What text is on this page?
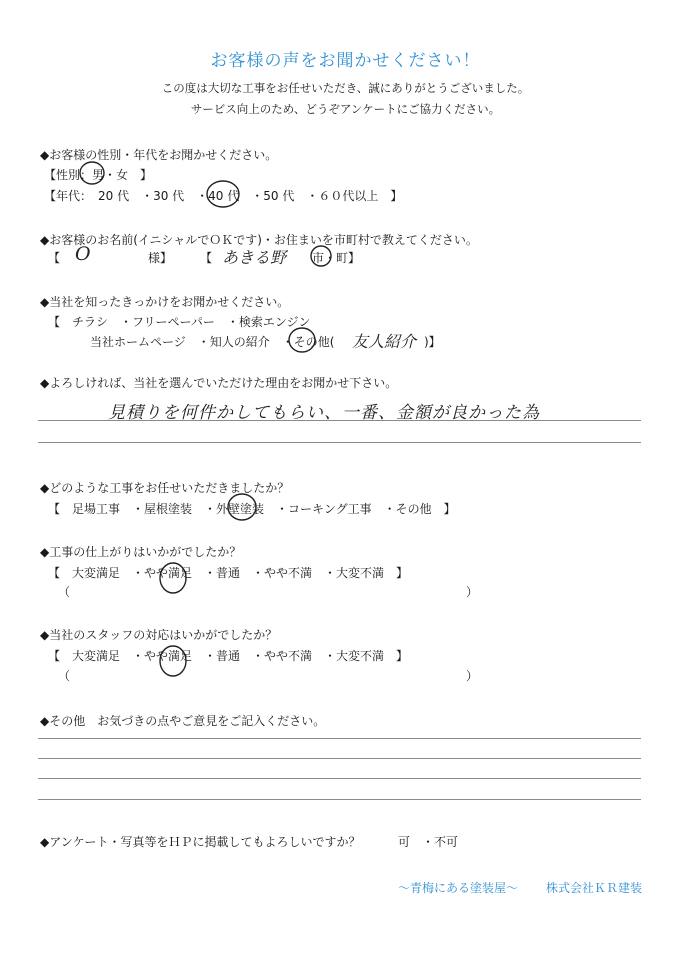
お客様の声をお聞かせください！
この度は大切な工事をお任せいただき、誠にありがとうございました。
サービス向上のため、どうぞアンケートにご協力ください。
◆お客様の性別・年代をお聞かせください。
【性別：男・女　】
【年代：　20 代　・30 代　・40 代　・50 代　・６０代以上　】
◆お客様のお名前(イニシャルでＯＫです)・お住まいを市町村で教えてください。
【 O	様】 【 あきる野 市・町】
◆当社を知ったきっかけをお聞かせください。
【　チラシ　・フリーペーパー　・検索エンジン
当社ホームページ　・知人の紹介　・その他( 友人紹介 )】
◆よろしければ、当社を選んでいただけた理由をお聞かせ下さい。
見積りを何件かしてもらい、一番、金額が良かった為
◆どのような工事をお任せいただきましたか？
【　足場工事　・屋根塗装　・外壁塗装　・コーキング工事　・その他　】
◆工事の仕上がりはいかがでしたか？
【　大変満足　・やや満足　・普通　・やや不満　・大変不満　】
（	）
◆当社のスタッフの対応はいかがでしたか？
【　大変満足　・やや満足　・普通　・やや不満　・大変不満　】
（	）
◆その他　お気づきの点やご意見をご記入ください。
◆アンケート・写真等をＨＰに掲載してもよろしいですか？	可　・不可
～青梅にある塗装屋～ 株式会社ＫＲ建装
